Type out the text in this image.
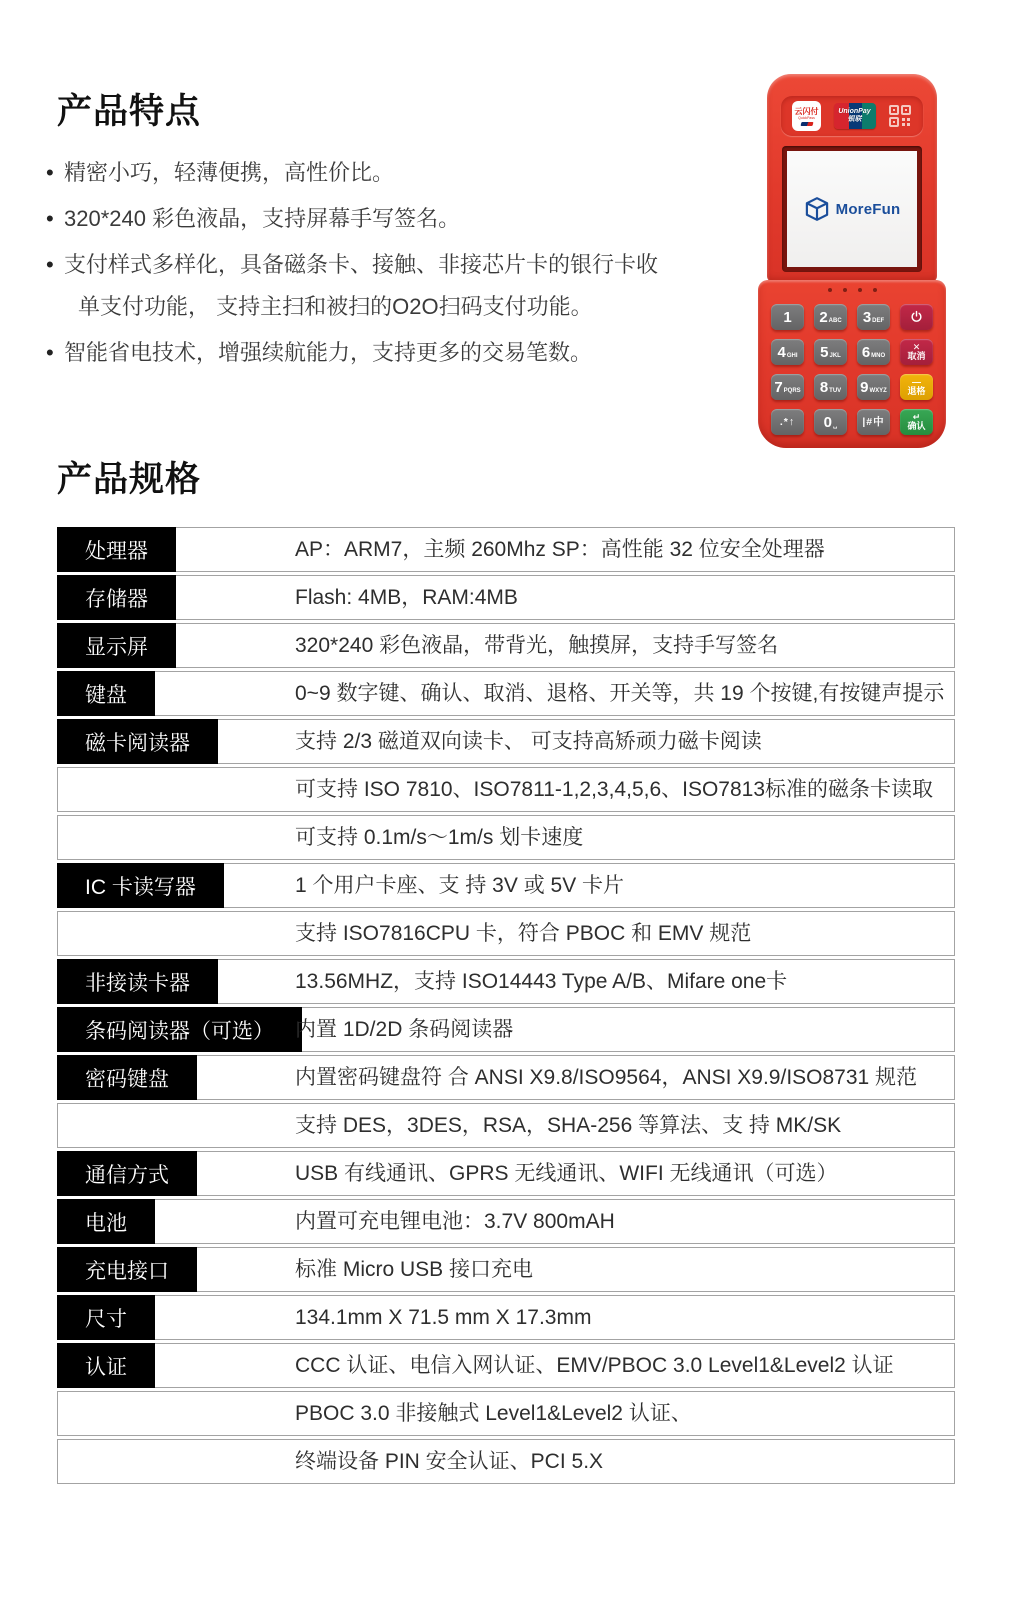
产品特点
• 精密小巧，轻薄便携，高性价比。
• 320*240 彩色液晶，支持屏幕手写签名。
• 支付样式多样化，具备磁条卡、接触、非接芯片卡的银行卡收
单支付功能， 支持主扫和被扫的O2O扫码支付功能。
• 智能省电技术，增强续航能力，支持更多的交易笔数。
云闪付
QuickPass
UnionPay
银联
MoreFun
1 2 ABC 3 DEF
4 GHI 5 JKL 6 MNO
✕
取消
7 PQRS 8 TUV 9 WXYZ
—
退格
.*↑ 0 ␣ |#中	↵
确认
产品规格
处理器	AP：ARM7，主频 260Mhz SP：高性能 32 位安全处理器
存储器	Flash: 4MB，RAM:4MB
显示屏	320*240 彩色液晶，带背光，触摸屏，支持手写签名
键盘	0~9 数字键、确认、取消、退格、开关等，共 19 个按键,有按键声提示
磁卡阅读器	支持 2/3 磁道双向读卡、 可支持高矫顽力磁卡阅读
可支持 ISO 7810、ISO7811-1,2,3,4,5,6、ISO7813标准的磁条卡读取
可支持 0.1m/s～1m/s 划卡速度
IC 卡读写器	1 个用户卡座、支 持 3V 或 5V 卡片
支持 ISO7816CPU 卡，符合 PBOC 和 EMV 规范
非接读卡器	13.56MHZ，支持 ISO14443 Type A/B、Mifare one卡
条码阅读器（可选）	内置 1D/2D 条码阅读器
密码键盘	内置密码键盘符 合 ANSI X9.8/ISO9564，ANSI X9.9/ISO8731 规范
支持 DES，3DES，RSA，SHA-256 等算法、支 持 MK/SK
通信方式	USB 有线通讯、GPRS 无线通讯、WIFI 无线通讯（可选）
电池	内置可充电锂电池：3.7V 800mAH
充电接口	标准 Micro USB 接口充电
尺寸	134.1mm X 71.5 mm X 17.3mm
认证	CCC 认证、电信入网认证、EMV/PBOC 3.0 Level1&Level2 认证
PBOC 3.0 非接触式 Level1&Level2 认证、
终端设备 PIN 安全认证、PCI 5.X
